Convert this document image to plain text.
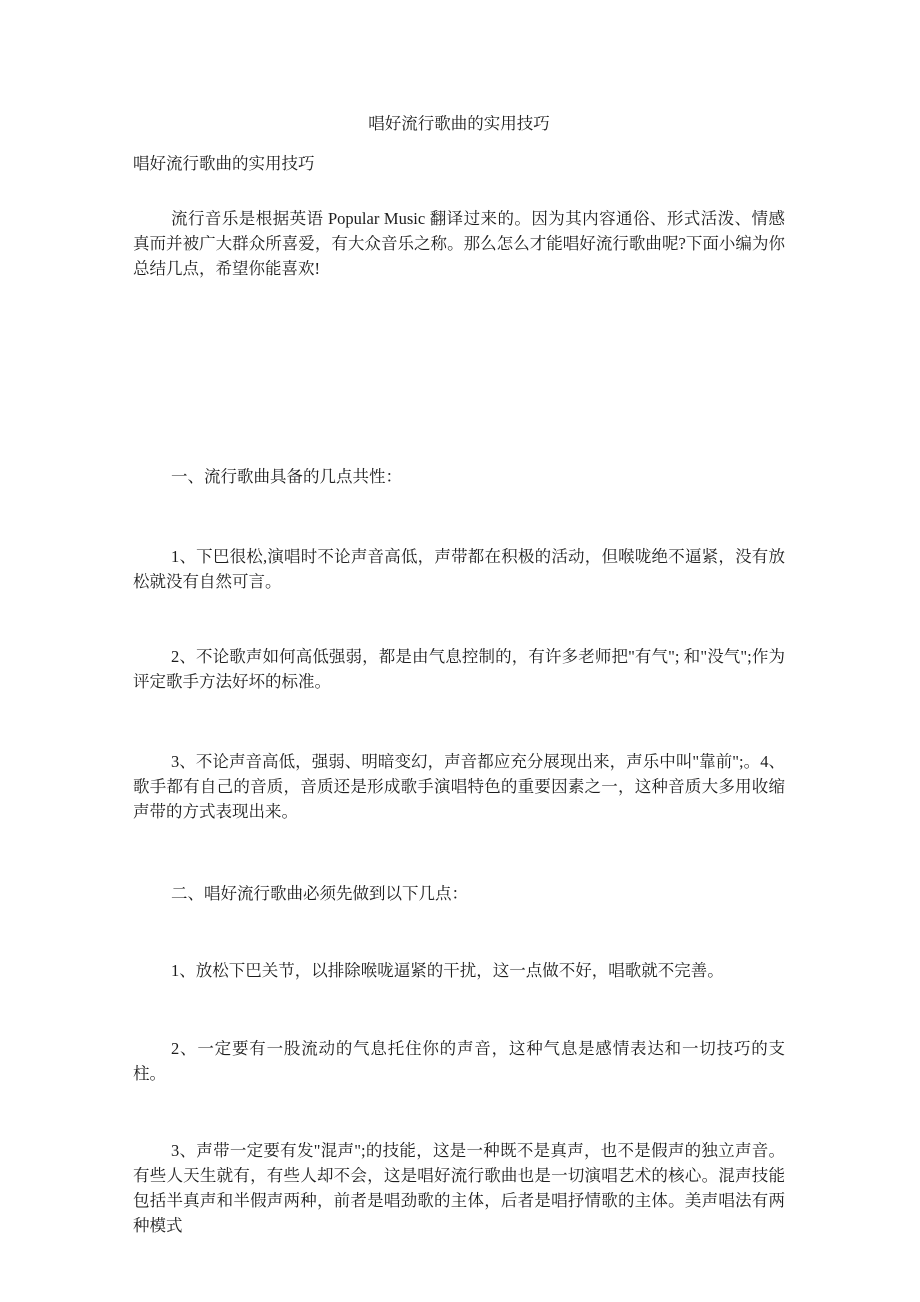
唱好流行歌曲的实用技巧

唱好流行歌曲的实用技巧

流行音乐是根据英语 Popular Music 翻译过来的。因为其内容通俗、形式活泼、情感真而并被广大群众所喜爱，有大众音乐之称。那么怎么才能唱好流行歌曲呢?下面小编为你总结几点，希望你能喜欢!

一、流行歌曲具备的几点共性：

1、下巴很松,演唱时不论声音高低，声带都在积极的活动，但喉咙绝不逼紧，没有放松就没有自然可言。

2、不论歌声如何高低强弱，都是由气息控制的，有许多老师把"有气"; 和"没气";作为评定歌手方法好坏的标准。

3、不论声音高低，强弱、明暗变幻，声音都应充分展现出来，声乐中叫"靠前";。4、歌手都有自己的音质，音质还是形成歌手演唱特色的重要因素之一，这种音质大多用收缩声带的方式表现出来。

二、唱好流行歌曲必须先做到以下几点：

1、放松下巴关节，以排除喉咙逼紧的干扰，这一点做不好，唱歌就不完善。

2、一定要有一股流动的气息托住你的声音，这种气息是感情表达和一切技巧的支柱。

3、声带一定要有发"混声";的技能，这是一种既不是真声，也不是假声的独立声音。有些人天生就有，有些人却不会，这是唱好流行歌曲也是一切演唱艺术的核心。混声技能包括半真声和半假声两种，前者是唱劲歌的主体，后者是唱抒情歌的主体。美声唱法有两种模式
